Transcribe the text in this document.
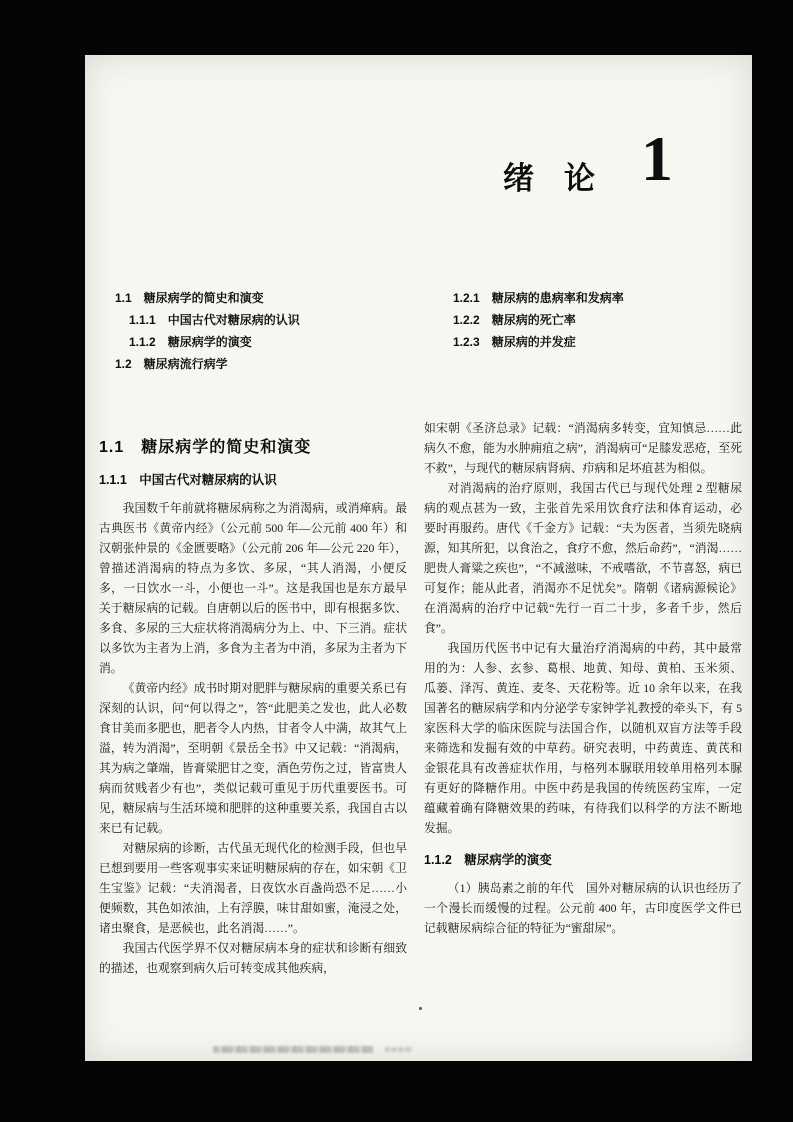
绪论 1
1.1　糖尿病学的简史和演变
1.1.1　中国古代对糖尿病的认识
1.1.2　糖尿病学的演变
1.2　糖尿病流行病学
1.2.1　糖尿病的患病率和发病率
1.2.2　糖尿病的死亡率
1.2.3　糖尿病的并发症
1.1　糖尿病学的简史和演变
1.1.1　中国古代对糖尿病的认识

我国数千年前就将糖尿病称之为消渴病，或消瘅病。最古典医书《黄帝内经》（公元前 500 年—公元前 400 年）和汉朝张仲景的《金匮要略》（公元前 206 年—公元 220 年），曾描述消渴病的特点为多饮、多尿，“其人消渴，小便反多，一日饮水一斗，小便也一斗”。这是我国也是东方最早关于糖尿病的记载。自唐朝以后的医书中，即有根据多饮、多食、多尿的三大症状将消渴病分为上、中、下三消。症状以多饮为主者为上消，多食为主者为中消，多尿为主者为下消。

《黄帝内经》成书时期对肥胖与糖尿病的重要关系已有深刻的认识，问“何以得之”，答“此肥美之发也，此人必数食甘美而多肥也，肥者令人内热，甘者令人中满，故其气上溢，转为消渴”，至明朝《景岳全书》中又记载：“消渴病，其为病之肇端，皆膏粱肥甘之变，酒色劳伤之过，皆富贵人病而贫贱者少有也”，类似记载可重见于历代重要医书。可见，糖尿病与生活环境和肥胖的这种重要关系，我国自古以来已有记载。

对糖尿病的诊断，古代虽无现代化的检测手段，但也早已想到要用一些客观事实来证明糖尿病的存在，如宋朝《卫生宝鉴》记载：“夫消渴者，日夜饮水百盏尚恐不足……小便频数，其色如浓油，上有浮膜，味甘甜如蜜，淹浸之处，诸虫聚食，是恶候也，此名消渴……”。

我国古代医学界不仅对糖尿病本身的症状和诊断有细致的描述，也观察到病久后可转变成其他疾病，

如宋朝《圣济总录》记载：“消渴病多转变，宜知慎忌……此病久不愈，能为水肿痈疽之病”，消渴病可“足膝发恶疮，至死不救”，与现代的糖尿病肾病、疖病和足坏疽甚为相似。

对消渴病的治疗原则，我国古代已与现代处理 2 型糖尿病的观点甚为一致，主张首先采用饮食疗法和体育运动，必要时再服药。唐代《千金方》记载：“夫为医者，当须先晓病源，知其所犯，以食治之，食疗不愈，然后命药”，“消渴……肥贵人膏粱之疾也”，“不减滋味，不戒嗜欲，不节喜怒，病已可复作；能从此者，消渴亦不足忧矣”。隋朝《诸病源候论》在消渴病的治疗中记载“先行一百二十步，多者千步，然后食”。

我国历代医书中记有大量治疗消渴病的中药，其中最常用的为：人参、玄参、葛根、地黄、知母、黄柏、玉米须、瓜蒌、泽泻、黄连、麦冬、天花粉等。近 10 余年以来，在我国著名的糖尿病学和内分泌学专家钟学礼教授的牵头下，有 5 家医科大学的临床医院与法国合作，以随机双盲方法等手段来筛选和发掘有效的中草药。研究表明，中药黄连、黄芪和金银花具有改善症状作用，与格列本脲联用较单用格列本脲有更好的降糖作用。中医中药是我国的传统医药宝库，一定蕴藏着确有降糖效果的药味，有待我们以科学的方法不断地发掘。

1.1.2　糖尿病学的演变

（1）胰岛素之前的年代　国外对糖尿病的认识也经历了一个漫长而缓慢的过程。公元前 400 年，古印度医学文件已记载糖尿病综合征的特征为“蜜甜尿”。
